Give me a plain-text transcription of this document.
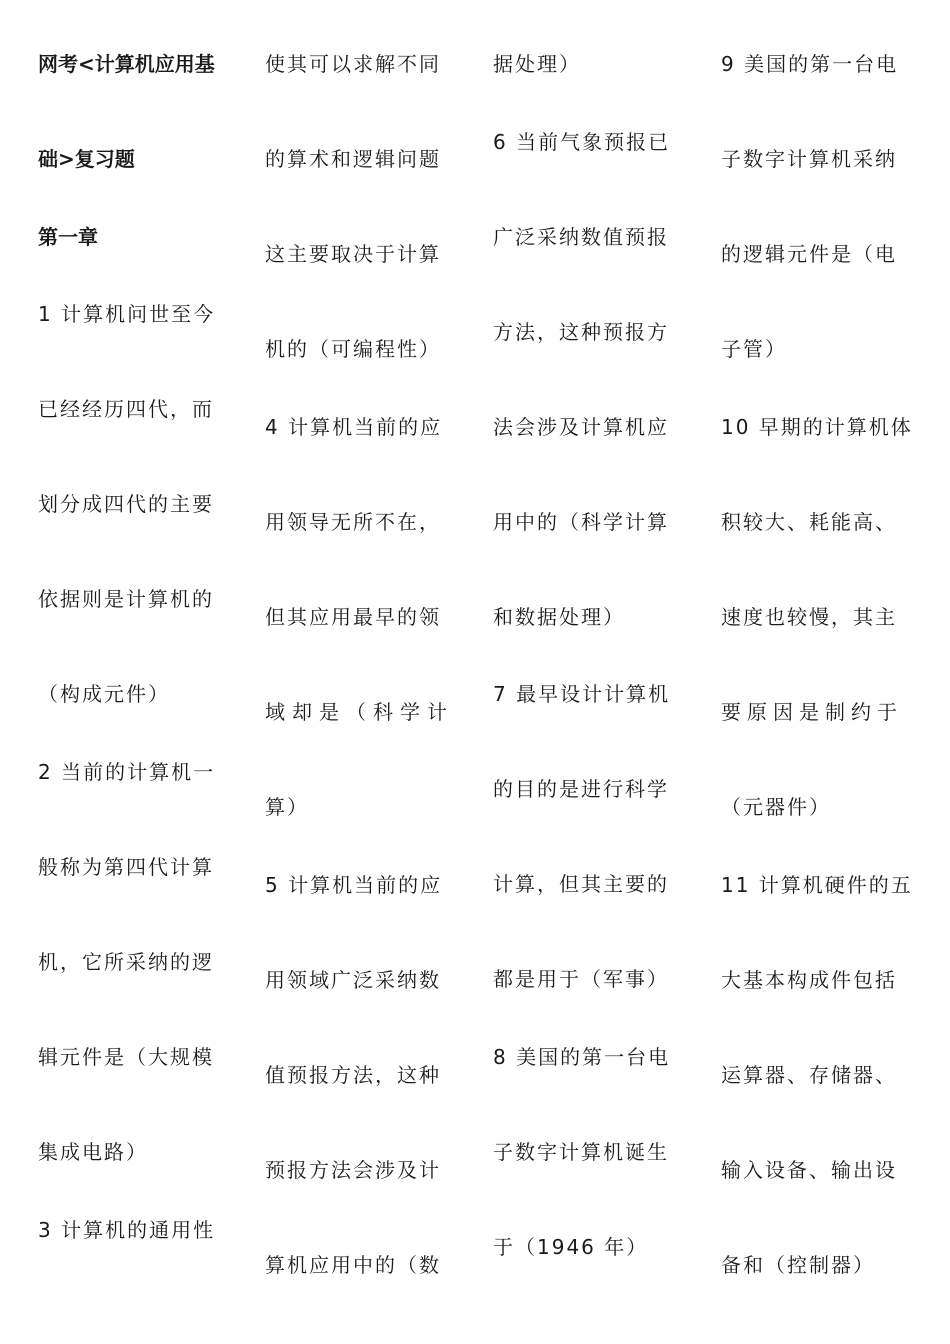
网考<计算机应用基
础>复习题
第一章
1 计算机问世至今
已经经历四代，而
划分成四代的主要
依据则是计算机的
（构成元件）
2 当前的计算机一
般称为第四代计算
机，它所采纳的逻
辑元件是（大规模
集成电路）
3 计算机的通用性
使其可以求解不同
的算术和逻辑问题
这主要取决于计算
机的（可编程性）
4 计算机当前的应
用领导无所不在，
但其应用最早的领
域却是（科学计
算）
5 计算机当前的应
用领域广泛采纳数
值预报方法，这种
预报方法会涉及计
算机应用中的（数
据处理）
6 当前气象预报已
广泛采纳数值预报
方法，这种预报方
法会涉及计算机应
用中的（科学计算
和数据处理）
7 最早设计计算机
的目的是进行科学
计算，但其主要的
都是用于（军事）
8 美国的第一台电
子数字计算机诞生
于（1946 年）
9 美国的第一台电
子数字计算机采纳
的逻辑元件是（电
子管）
10 早期的计算机体
积较大、耗能高、
速度也较慢，其主
要原因是制约于
（元器件）
11 计算机硬件的五
大基本构成件包括
运算器、存储器、
输入设备、输出设
备和（控制器）
